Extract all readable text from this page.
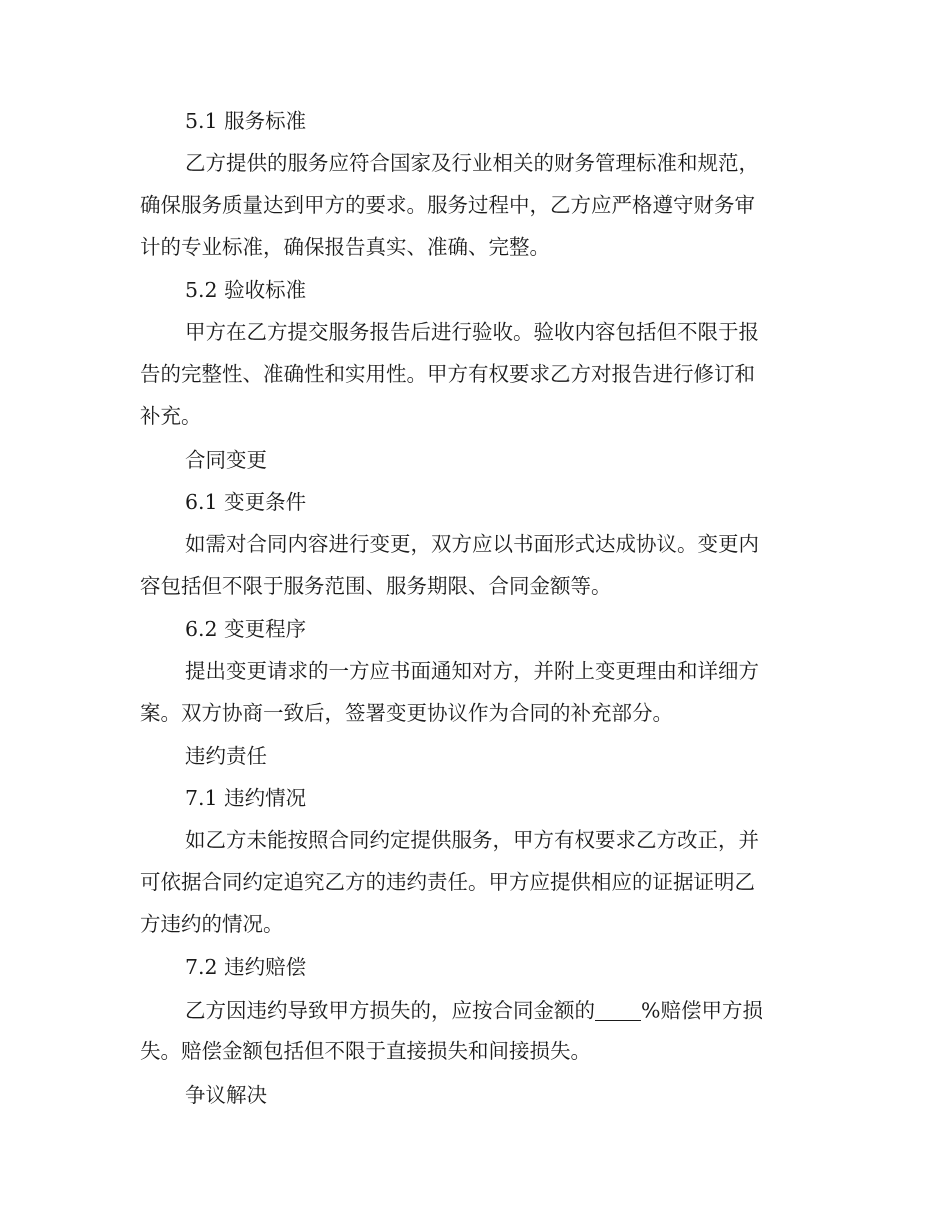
5.1 服务标准
乙方提供的服务应符合国家及行业相关的财务管理标准和规范，
确保服务质量达到甲方的要求。服务过程中，乙方应严格遵守财务审
计的专业标准，确保报告真实、准确、完整。
5.2 验收标准
甲方在乙方提交服务报告后进行验收。验收内容包括但不限于报
告的完整性、准确性和实用性。甲方有权要求乙方对报告进行修订和
补充。
合同变更
6.1 变更条件
如需对合同内容进行变更，双方应以书面形式达成协议。变更内
容包括但不限于服务范围、服务期限、合同金额等。
6.2 变更程序
提出变更请求的一方应书面通知对方，并附上变更理由和详细方
案。双方协商一致后，签署变更协议作为合同的补充部分。
违约责任
7.1 违约情况
如乙方未能按照合同约定提供服务，甲方有权要求乙方改正，并
可依据合同约定追究乙方的违约责任。甲方应提供相应的证据证明乙
方违约的情况。
7.2 违约赔偿
乙方因违约导致甲方损失的，应按合同金额的 %赔偿甲方损
失。赔偿金额包括但不限于直接损失和间接损失。
争议解决
